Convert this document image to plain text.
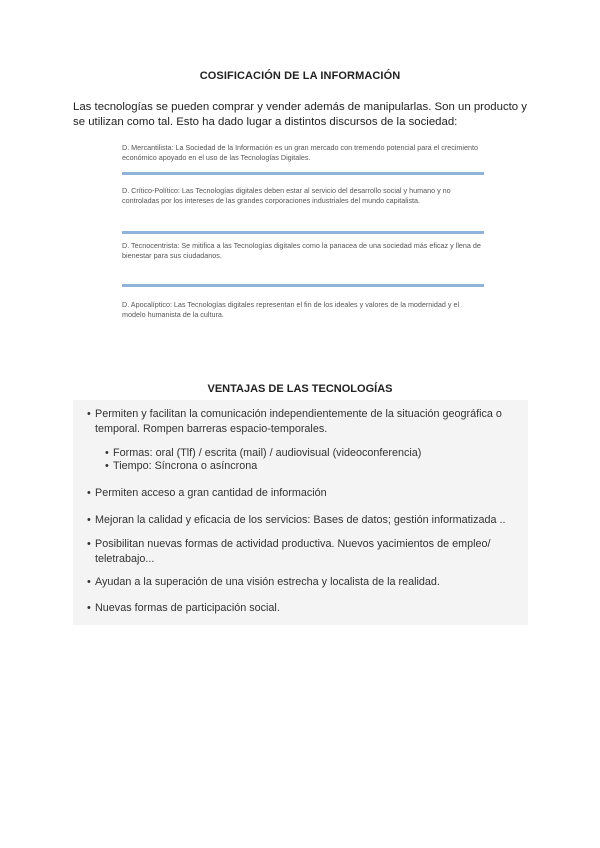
COSIFICACIÓN DE LA INFORMACIÓN
Las tecnologías se pueden comprar y vender además de manipularlas. Son un producto y se utilizan como tal. Esto ha dado lugar a distintos discursos de la sociedad:
D. Mercantilista: La Sociedad de la Información es un gran mercado con tremendo potencial para el crecimiento económico apoyado en el uso de las Tecnologías Digitales.
D. Crítico-Político: Las Tecnologías digitales deben estar al servicio del desarrollo social y humano y no controladas por los intereses de las grandes corporaciones industriales del mundo capitalista.
D. Tecnocentrista: Se mitifica a las Tecnologías digitales como la panacea de una sociedad más eficaz y llena de bienestar para sus ciudadanos.
D. Apocalíptico: Las Tecnologías digitales representan el fin de los ideales y valores de la modernidad y el modelo humanista de la cultura.
VENTAJAS DE LAS TECNOLOGÍAS
• Permiten y facilitan la comunicación independientemente de la situación geográfica o temporal. Rompen barreras espacio-temporales.
• Formas: oral (Tlf) / escrita (mail) / audiovisual (videoconferencia)
• Tiempo: Síncrona o asíncrona
• Permiten acceso a gran cantidad de información
• Mejoran la calidad y eficacia de los servicios: Bases de datos; gestión informatizada ..
• Posibilitan nuevas formas de actividad productiva. Nuevos yacimientos de empleo/ teletrabajo...
• Ayudan a la superación de una visión estrecha y localista de la realidad.
• Nuevas formas de participación social.
